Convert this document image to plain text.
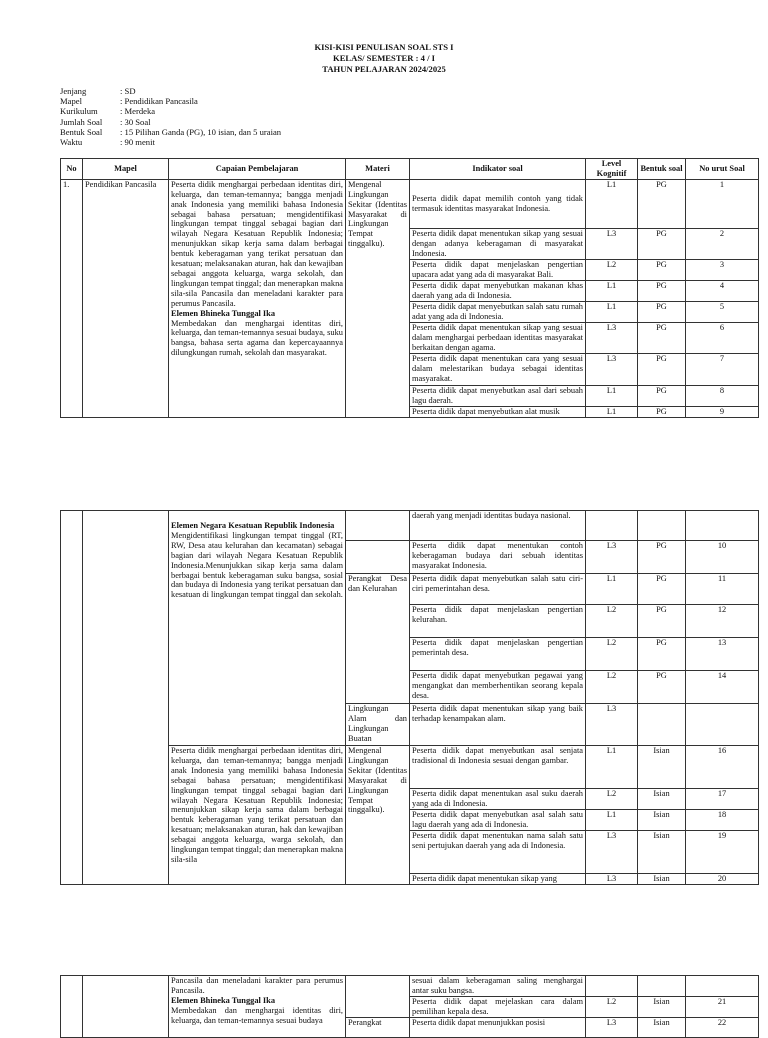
KISI-KISI PENULISAN SOAL STS I
KELAS/ SEMESTER : 4 / I
TAHUN PELAJARAN 2024/2025
Jenjang	: SD
Mapel	: Pendidikan Pancasila
Kurikulum	: Merdeka
Jumlah Soal	: 30 Soal
Bentuk Soal	: 15 Pilihan Ganda (PG), 10 isian, dan 5 uraian
Waktu	: 90 menit
No	Mapel	Capaian Pembelajaran	Materi	Indikator soal	Level Kognitif	Bentuk soal	No urut Soal
1.	Pendidikan Pancasila	Peserta didik menghargai perbedaan identitas diri, keluarga, dan teman-temannya; bangga menjadi anak Indonesia yang memiliki bahasa Indonesia sebagai bahasa persatuan; mengidentifikasi lingkungan tempat tinggal sebagai bagian dari wilayah Negara Kesatuan Republik Indonesia; menunjukkan sikap kerja sama dalam berbagai bentuk keberagaman yang terikat persatuan dan kesatuan; melaksanakan aturan, hak dan kewajiban sebagai anggota keluarga, warga sekolah, dan lingkungan tempat tinggal; dan menerapkan makna sila-sila Pancasila dan meneladani karakter para perumus Pancasila.
Elemen Bhineka Tunggal Ika
Membedakan dan menghargai identitas diri, keluarga, dan teman-temannya sesuai budaya, suku bangsa, bahasa serta agama dan kepercayaannya dilungkungan rumah, sekolah dan masyarakat.	Mengenal Lingkungan Sekitar (Identitas Masyarakat di Lingkungan Tempat tinggalku).	Peserta didik dapat memilih contoh yang tidak termasuk identitas masyarakat Indonesia.	L1	PG	1
				Peserta didik dapat menentukan sikap yang sesuai dengan adanya keberagaman di masyarakat Indonesia.	L3	PG	2
				Peserta didik dapat menjelaskan pengertian upacara adat yang ada di masyarakat Bali.	L2	PG	3
				Peserta didik dapat menyebutkan makanan khas daerah yang ada di Indonesia.	L1	PG	4
				Peserta didik dapat menyebutkan salah satu rumah adat yang ada di Indonesia.	L1	PG	5
				Peserta didik dapat menentukan sikap yang sesuai dalam menghargai perbedaan identitas masyarakat berkaitan dengan agama.	L3	PG	6
				Peserta didik dapat menentukan cara yang sesuai dalam melestarikan budaya sebagai identitas masyarakat.	L3	PG	7
				Peserta didik dapat menyebutkan asal dari sebuah lagu daerah.	L1	PG	8
				Peserta didik dapat menyebutkan alat musik	L1	PG	9

		Elemen Negara Kesatuan Republik Indonesia
Mengidentifikasi lingkungan tempat tinggal (RT, RW, Desa atau kelurahan dan kecamatan) sebagai bagian dari wilayah Negara Kesatuan Republik Indonesia.Menunjukkan sikap kerja sama dalam berbagai bentuk keberagaman suku bangsa, sosial dan budaya di Indonesia yang terikat persatuan dan kesatuan di lingkungan tempat tinggal dan sekolah.		daerah yang menjadi identitas budaya nasional.			
				Peserta didik dapat menentukan contoh keberagaman budaya dari sebuah identitas masyarakat Indonesia.	L3	PG	10
			Perangkat Desa dan Kelurahan	Peserta didik dapat menyebutkan salah satu ciri-ciri pemerintahan desa.	L1	PG	11
				Peserta didik dapat menjelaskan pengertian kelurahan.	L2	PG	12
				Peserta didik dapat menjelaskan pengertian pemerintah desa.	L2	PG	13
				Peserta didik dapat menyebutkan pegawai yang mengangkat dan memberhentikan seorang kepala desa.	L2	PG	14
			Lingkungan Alam dan Lingkungan Buatan	Peserta didik dapat menentukan sikap yang baik terhadap kenampakan alam.	L3		
		Peserta didik menghargai perbedaan identitas diri, keluarga, dan teman-temannya; bangga menjadi anak Indonesia yang memiliki bahasa Indonesia sebagai bahasa persatuan; mengidentifikasi lingkungan tempat tinggal sebagai bagian dari wilayah Negara Kesatuan Republik Indonesia; menunjukkan sikap kerja sama dalam berbagai bentuk keberagaman yang terikat persatuan dan kesatuan; melaksanakan aturan, hak dan kewajiban sebagai anggota keluarga, warga sekolah, dan lingkungan tempat tinggal; dan menerapkan makna sila-sila	Mengenal Lingkungan Sekitar (Identitas Masyarakat di Lingkungan Tempat tinggalku).	Peserta didik dapat menyebutkan asal senjata tradisional di Indonesia sesuai dengan gambar.	L1	Isian	16
				Peserta didik dapat menentukan asal suku daerah yang ada di Indonesia.	L2	Isian	17
				Peserta didik dapat menyebutkan asal salah satu lagu daerah yang ada di Indonesia.	L1	Isian	18
				Peserta didik dapat menentukan nama salah satu seni pertujukan daerah yang ada di Indonesia.	L3	Isian	19
				Peserta didik dapat menentukan sikap yang	L3	Isian	20

		Pancasila dan meneladani karakter para perumus Pancasila.
Elemen Bhineka Tunggal Ika
Membedakan dan menghargai identitas diri, keluarga, dan teman-temannya sesuai budaya		sesuai dalam keberagaman saling menghargai antar suku bangsa.			
				Peserta didik dapat mejelaskan cara dalam pemilihan kepala desa.	L2	Isian	21
			Perangkat	Peserta didik dapat menunjukkan posisi	L3	Isian	22
